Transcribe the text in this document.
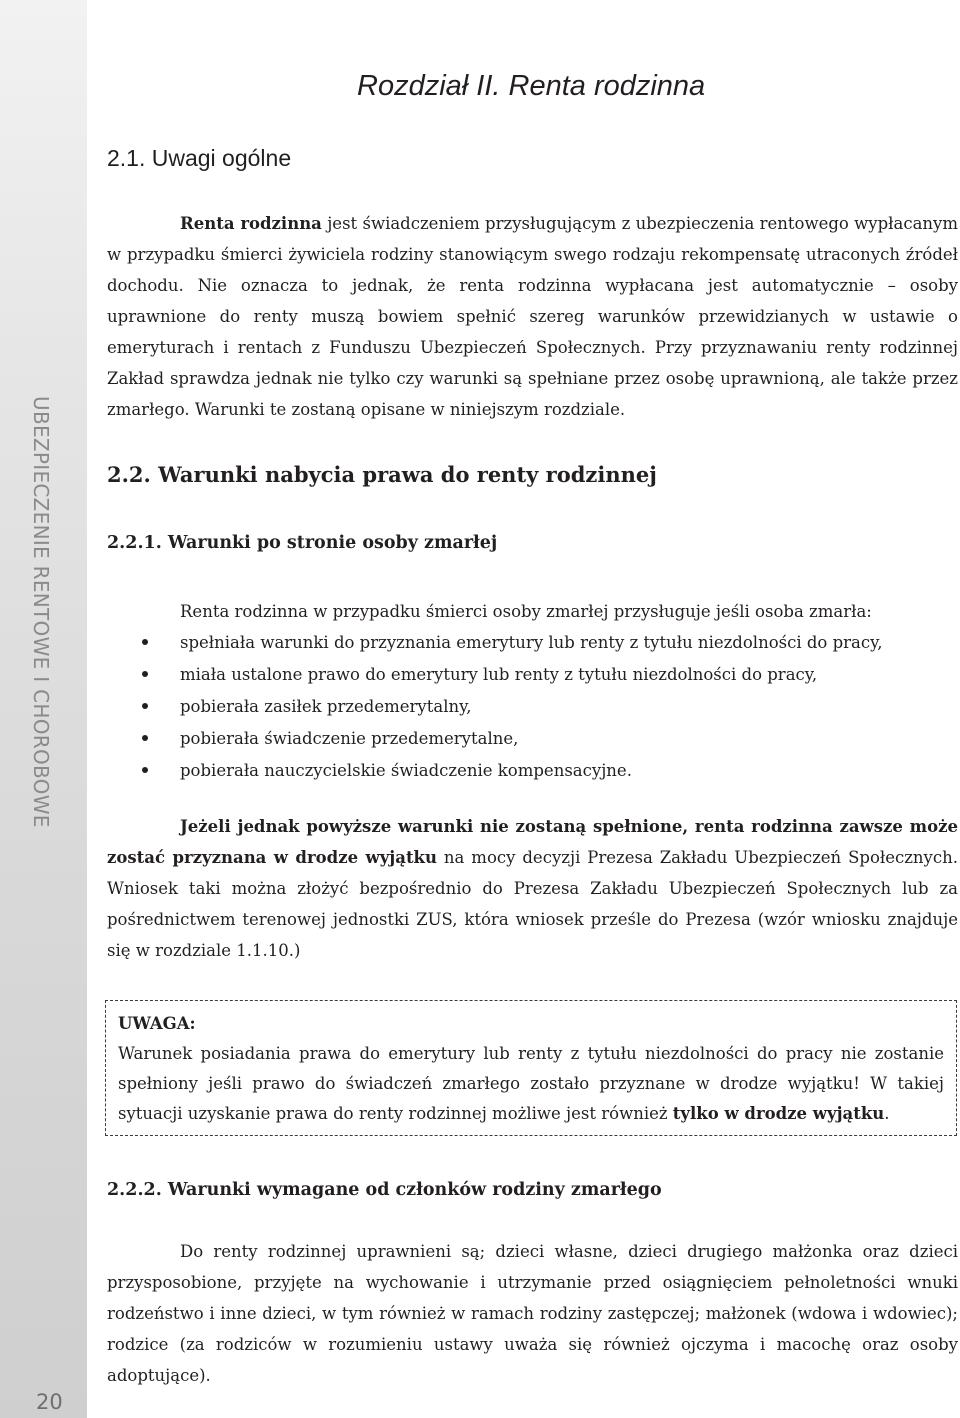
UBEZPIECZENIE RENTOWE I CHOROBOWE
20
Rozdział II. Renta rodzinna
2.1. Uwagi ogólne

Renta rodzinna jest świadczeniem przysługującym z ubezpieczenia rentowego wypłacanym w przypadku śmierci żywiciela rodziny stanowiącym swego rodzaju rekompensatę utraconych źródeł dochodu. Nie oznacza to jednak, że renta rodzinna wypłacana jest automatycznie – osoby uprawnione do renty muszą bowiem spełnić szereg warunków przewidzianych w ustawie o emeryturach i rentach z Funduszu Ubezpieczeń Społecznych. Przy przyznawaniu renty rodzinnej Zakład sprawdza jednak nie tylko czy warunki są spełniane przez osobę uprawnioną, ale także przez zmarłego. Warunki te zostaną opisane w niniejszym rozdziale.

2.2. Warunki nabycia prawa do renty rodzinnej
2.2.1. Warunki po stronie osoby zmarłej
Renta rodzinna w przypadku śmierci osoby zmarłej przysługuje jeśli osoba zmarła:
spełniała warunki do przyznania emerytury lub renty z tytułu niezdolności do pracy,
miała ustalone prawo do emerytury lub renty z tytułu niezdolności do pracy,
pobierała zasiłek przedemerytalny,
pobierała świadczenie przedemerytalne,
pobierała nauczycielskie świadczenie kompensacyjne.

Jeżeli jednak powyższe warunki nie zostaną spełnione, renta rodzinna zawsze może zostać przyznana w drodze wyjątku na mocy decyzji Prezesa Zakładu Ubezpieczeń Społecznych. Wniosek taki można złożyć bezpośrednio do Prezesa Zakładu Ubezpieczeń Społecznych lub za pośrednictwem terenowej jednostki ZUS, która wniosek prześle do Prezesa (wzór wniosku znajduje się w rozdziale 1.1.10.)

UWAGA:
Warunek posiadania prawa do emerytury lub renty z tytułu niezdolności do pracy nie zostanie spełniony jeśli prawo do świadczeń zmarłego zostało przyznane w drodze wyjątku! W takiej sytuacji uzyskanie prawa do renty rodzinnej możliwe jest również tylko w drodze wyjątku.
2.2.2. Warunki wymagane od członków rodziny zmarłego

Do renty rodzinnej uprawnieni są; dzieci własne, dzieci drugiego małżonka oraz dzieci przysposobione, przyjęte na wychowanie i utrzymanie przed osiągnięciem pełnoletności wnuki rodzeństwo i inne dzieci, w tym również w ramach rodziny zastępczej; małżonek (wdowa i wdowiec); rodzice (za rodziców w rozumieniu ustawy uważa się również ojczyma i macochę oraz osoby adoptujące).
